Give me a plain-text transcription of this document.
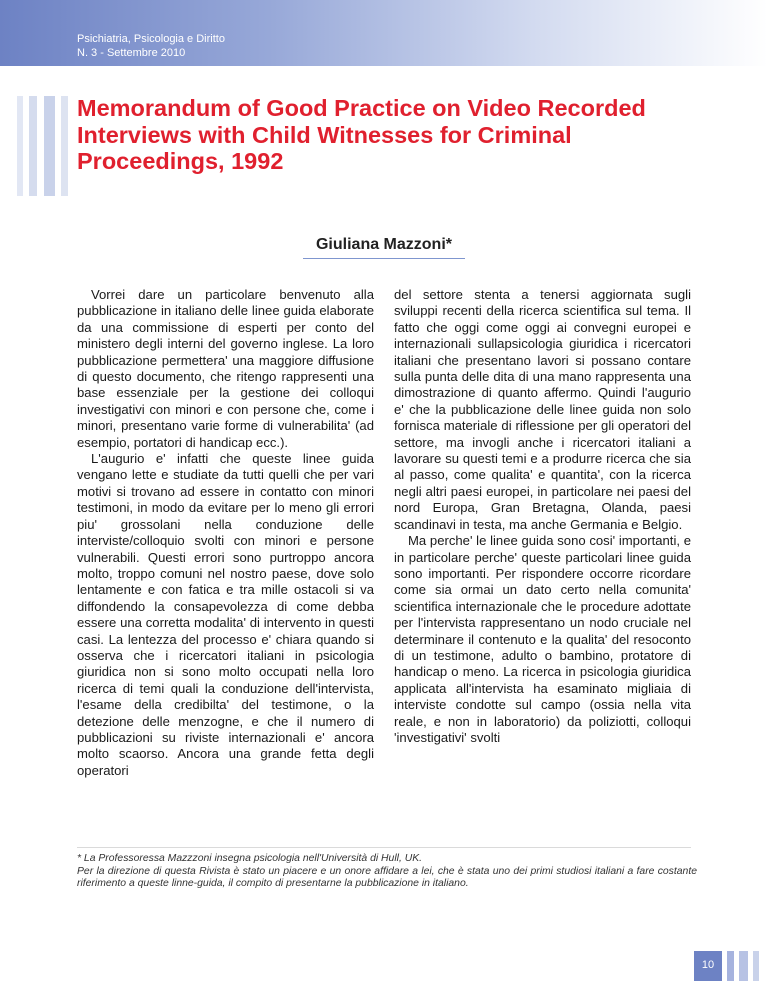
Psichiatria, Psicologia e Diritto
N. 3 - Settembre 2010
Memorandum of Good Practice on Video Recorded Interviews with Child Witnesses for Criminal Proceedings, 1992
Giuliana Mazzoni*

Vorrei dare un particolare benvenuto alla pubblicazione in italiano delle linee guida elaborate da una commissione di esperti per conto del ministero degli interni del governo inglese. La loro pubblicazione permettera' una maggiore diffusione di questo documento, che ritengo rappresenti una base essenziale per la gestione dei colloqui investigativi con minori e con persone che, come i minori, presentano varie forme di vulnerabilita' (ad esempio, portatori di handicap ecc.).

L'augurio e' infatti che queste linee guida vengano lette e studiate da tutti quelli che per vari motivi si trovano ad essere in contatto con minori testimoni, in modo da evitare per lo meno gli errori piu' grossolani nella conduzione delle interviste/colloquio svolti con minori e persone vulnerabili. Questi errori sono purtroppo ancora molto, troppo comuni nel nostro paese, dove solo lentamente e con fatica e tra mille ostacoli si va diffondendo la consapevolezza di come debba essere una corretta modalita' di intervento in questi casi. La lentezza del processo e' chiara quando si osserva che i ricercatori italiani in psicologia giuridica non si sono molto occupati nella loro ricerca di temi quali la conduzione dell'intervista, l'esame della credibilta' del testimone, o la detezione delle menzogne, e che il numero di pubblicazioni su riviste internazionali e' ancora molto scaorso. Ancora una grande fetta degli operatori

del settore stenta a tenersi aggiornata sugli sviluppi recenti della ricerca scientifica sul tema. Il fatto che oggi come oggi ai convegni europei e internazionali sullapsicologia giuridica i ricercatori italiani che presentano lavori si possano contare sulla punta delle dita di una mano rappresenta una dimostrazione di quanto affermo. Quindi l'augurio e' che la pubblicazione delle linee guida non solo fornisca materiale di riflessione per gli operatori del settore, ma invogli anche i ricercatori italiani a lavorare su questi temi e a produrre ricerca che sia al passo, come qualita' e quantita', con la ricerca negli altri paesi europei, in particolare nei paesi del nord Europa, Gran Bretagna, Olanda, paesi scandinavi in testa, ma anche Germania e Belgio.

Ma perche' le linee guida sono cosi' importanti, e in particolare perche' queste particolari linee guida sono importanti. Per rispondere occorre ricordare come sia ormai un dato certo nella comunita' scientifica internazionale che le procedure adottate per l'intervista rappresentano un nodo cruciale nel determinare il contenuto e la qualita' del resoconto di un testimone, adulto o bambino, protatore di handicap o meno. La ricerca in psicologia giuridica applicata all'intervista ha esaminato migliaia di interviste condotte sul campo (ossia nella vita reale, e non in laboratorio) da poliziotti, colloqui 'investigativi' svolti

* La Professoressa Mazzzoni insegna psicologia nell'Università di Hull, UK.

Per la direzione di questa Rivista è stato un piacere e un onore affidare a lei, che è stata uno dei primi studiosi italiani a fare costante riferimento a queste linne-guida, il compito di presentarne la pubblicazione in italiano.

10
